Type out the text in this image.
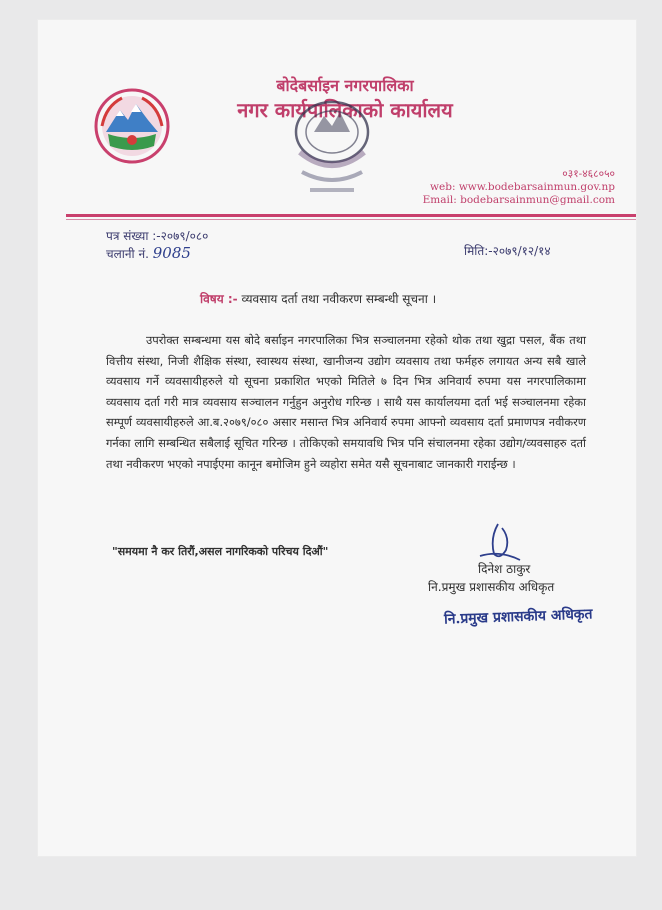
बोदेबर्साइन नगरपालिका
नगर कार्यपालिकाको कार्यालय
०३१-४६८०५०
web: www.bodebarsainmun.gov.np
Email: bodebarsainmun@gmail.com
पत्र संख्या :-२०७९/०८०
चलानी नं. 9085	मिति:-२०७९/१२/१४
विषय :- व्यवसाय दर्ता तथा नवीकरण सम्बन्धी सूचना ।
उपरोक्त सम्बन्धमा यस बोदे बर्साइन नगरपालिका भित्र सञ्चालनमा रहेको थोक तथा खुद्रा पसल, बैंक तथा वित्तीय संस्था, निजी शैक्षिक संस्था, स्वास्थय संस्था, खानीजन्य उद्योग व्यवसाय तथा फर्महरु लगायत अन्य सबै खाले व्यवसाय गर्ने व्यवसायीहरुले यो सूचना प्रकाशित भएको मितिले ७ दिन भित्र अनिवार्य रुपमा यस नगरपालिकामा व्यवसाय दर्ता गरी मात्र व्यवसाय सञ्चालन गर्नुहुन अनुरोध गरिन्छ । साथै यस कार्यालयमा दर्ता भई सञ्चालनमा रहेका सम्पूर्ण व्यवसायीहरुले आ.ब.२०७९/०८० असार मसान्त भित्र अनिवार्य रुपमा आफ्नो व्यवसाय दर्ता प्रमाणपत्र नवीकरण गर्नका लागि सम्बन्धित सबैलाई सूचित गरिन्छ । तोकिएको समयावधि भित्र पनि संचालनमा रहेका उद्योग/व्यवसाहरु दर्ता तथा नवीकरण भएको नपाईएमा कानून बमोजिम हुने व्यहोरा समेत यसै सूचनाबाट जानकारी गराईन्छ ।
"समयमा नै कर तिरौं,असल नागरिकको परिचय दिऔं"
दिनेश ठाकुर
नि.प्रमुख प्रशासकीय अधिकृत
नि.प्रमुख प्रशासकीय अधिकृत
